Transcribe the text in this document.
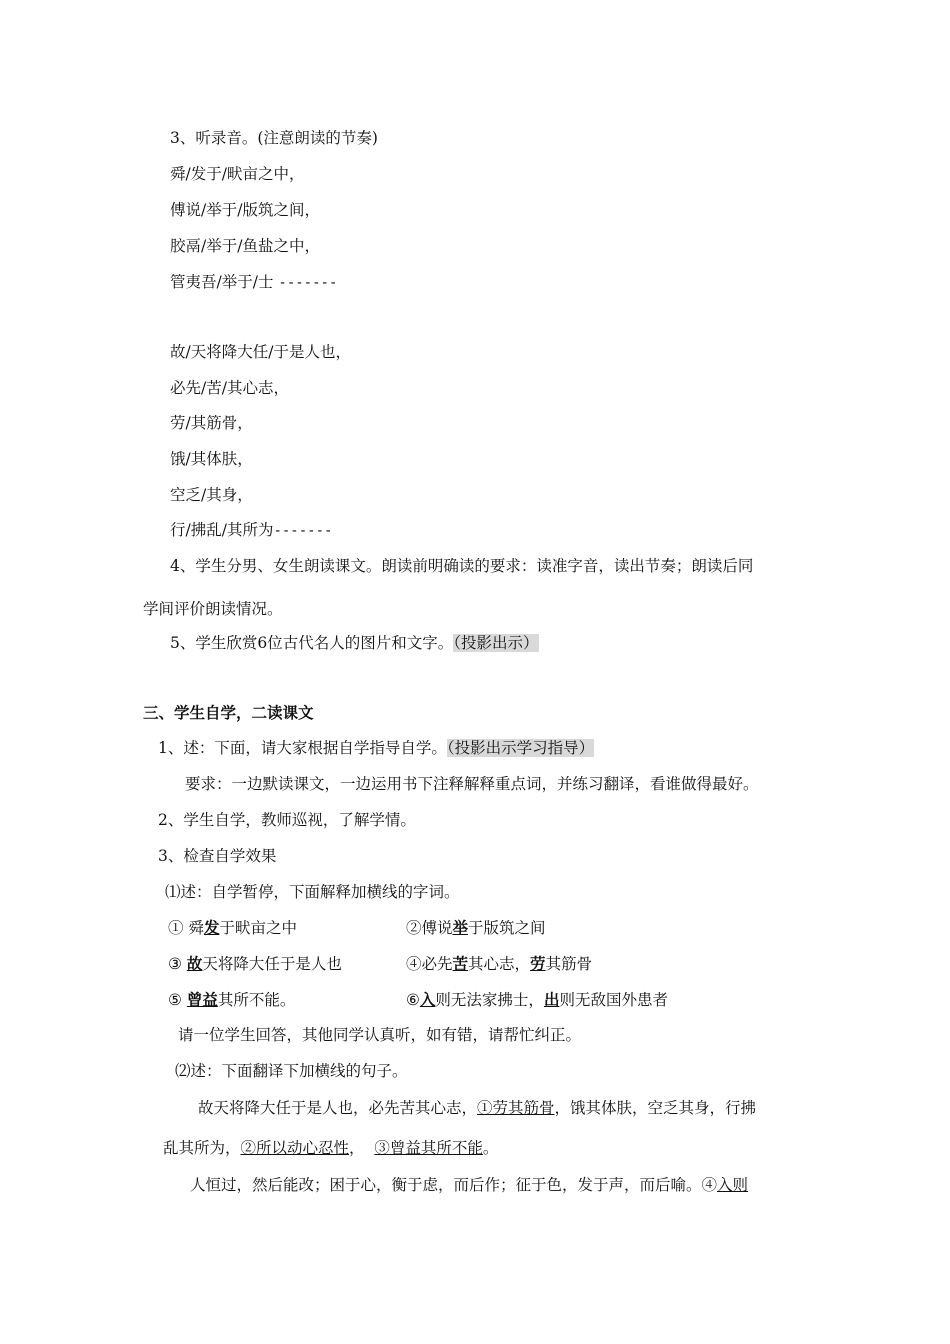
3、听录音。(注意朗读的节奏)
舜/发于/畎亩之中，
傅说/举于/版筑之间，
胶鬲/举于/鱼盐之中，
管夷吾/举于/士 -------
故/天将降大任/于是人也，
必先/苦/其心志，
劳/其筋骨，
饿/其体肤，
空乏/其身，
行/拂乱/其所为-------
4、学生分男、女生朗读课文。朗读前明确读的要求：读准字音，读出节奏；朗读后同
学间评价朗读情况。
5、学生欣赏6位古代名人的图片和文字。（投影出示）
三、学生自学，二读课文
1、述：下面，请大家根据自学指导自学。（投影出示学习指导）
要求：一边默读课文，一边运用书下注释解释重点词，并练习翻译，看谁做得最好。
2、学生自学，教师巡视，了解学情。
3、检查自学效果
⑴述：自学暂停，下面解释加横线的字词。
① 舜发于畎亩之中	②傅说举于版筑之间
③ 故天将降大任于是人也	④必先苦其心志，劳其筋骨
⑤ 曾益其所不能。	⑥入则无法家拂士，出则无敌国外患者
请一位学生回答，其他同学认真听，如有错，请帮忙纠正。
⑵述：下面翻译下加横线的句子。
故天将降大任于是人也，必先苦其心志，①劳其筋骨，饿其体肤，空乏其身，行拂
乱其所为，②所以动心忍性， ③曾益其所不能。
人恒过，然后能改；困于心，衡于虑，而后作；征于色，发于声，而后喻。④入则
